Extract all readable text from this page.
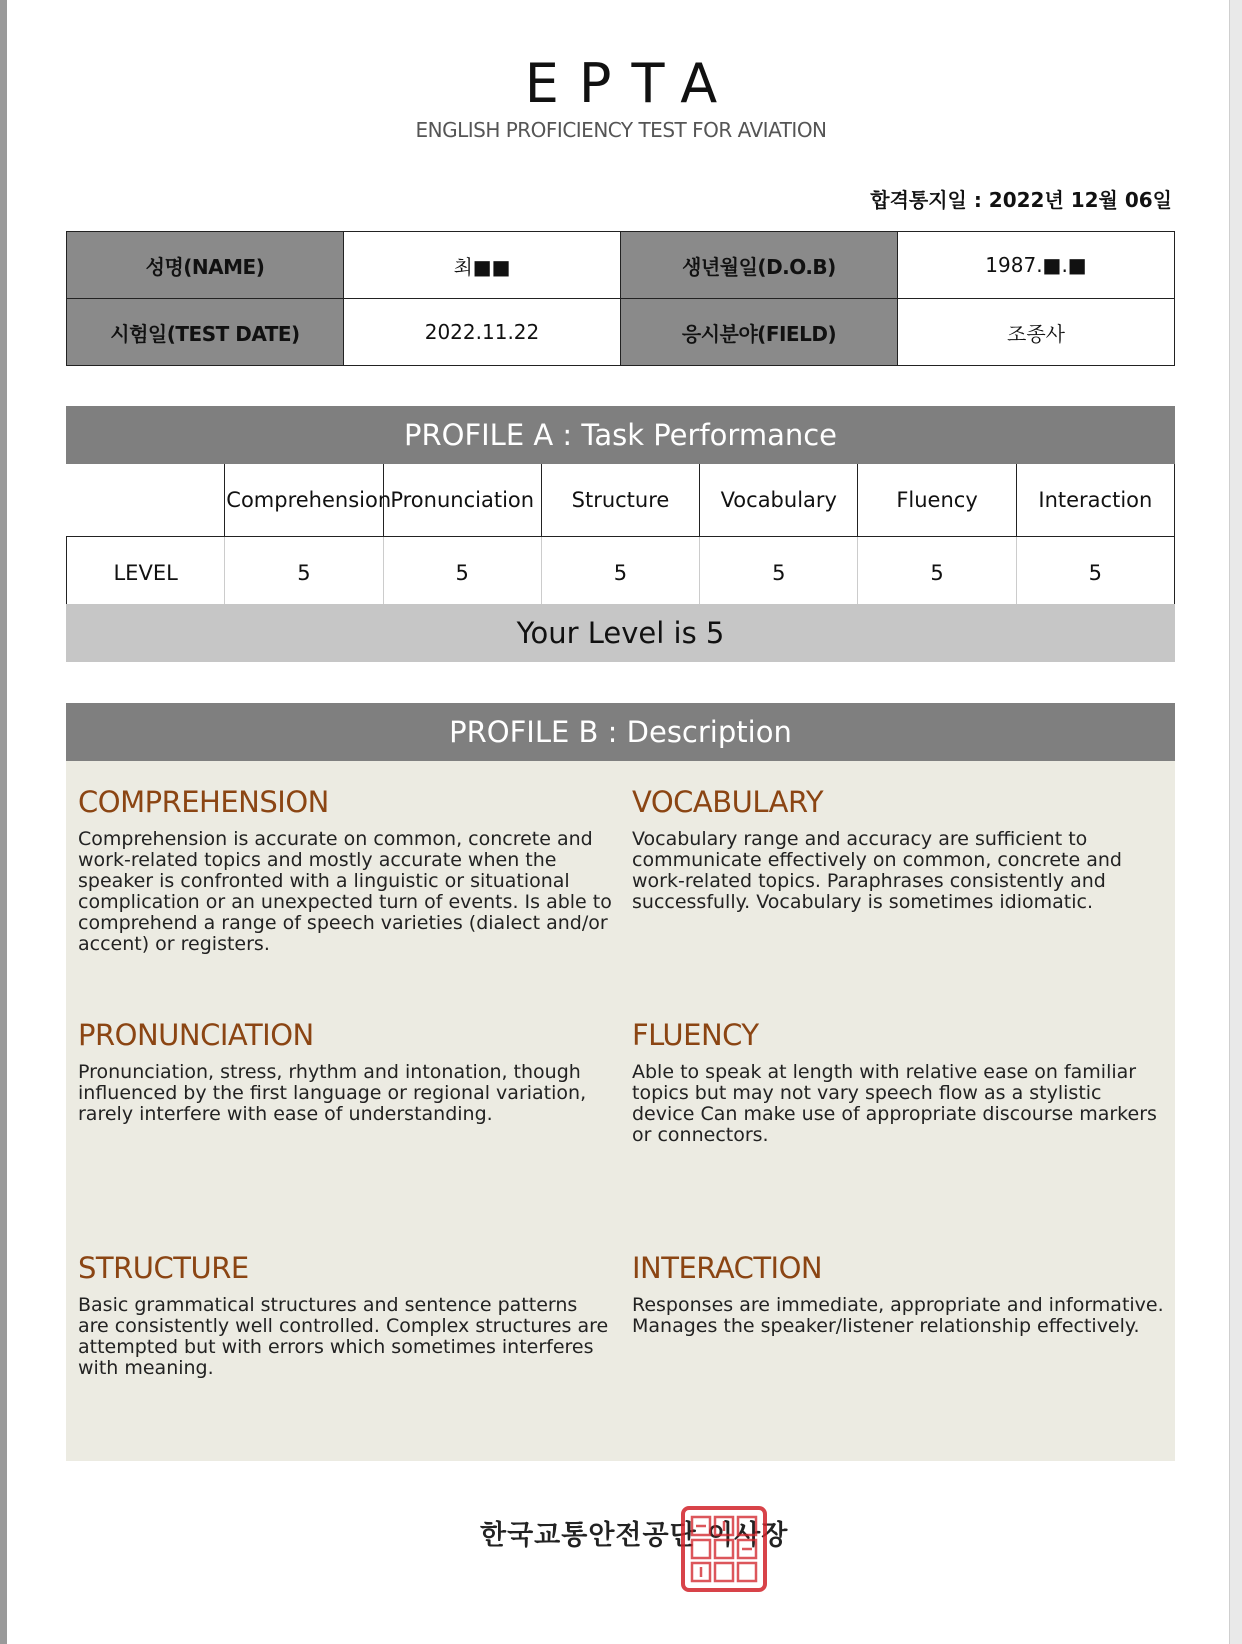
EPTA
ENGLISH PROFICIENCY TEST FOR AVIATION
합격통지일 : 2022년 12월 06일
성명(NAME)	최■■	생년월일(D.O.B)	1987.■.■
시험일(TEST DATE)	2022.11.22	응시분야(FIELD)	조종사
PROFILE A : Task Performance
	Comprehension	Pronunciation	Structure	Vocabulary	Fluency	Interaction
LEVEL	5	5	5	5	5	5
Your Level is 5
PROFILE B : Description
COMPREHENSION

Comprehension is accurate on common, concrete and work-related topics and mostly accurate when the speaker is confronted with a linguistic or situational complication or an unexpected turn of events. Is able to comprehend a range of speech varieties (dialect and/or accent) or registers.

VOCABULARY

Vocabulary range and accuracy are sufficient to communicate effectively on common, concrete and work-related topics. Paraphrases consistently and successfully. Vocabulary is sometimes idiomatic.

PRONUNCIATION

Pronunciation, stress, rhythm and intonation, though influenced by the first language or regional variation, rarely interfere with ease of understanding.

FLUENCY

Able to speak at length with relative ease on familiar topics but may not vary speech flow as a stylistic device Can make use of appropriate discourse markers or connectors.

STRUCTURE

Basic grammatical structures and sentence patterns are consistently well controlled. Complex structures are attempted but with errors which sometimes interferes with meaning.

INTERACTION

Responses are immediate, appropriate and informative. Manages the speaker/listener relationship effectively.

한국교통안전공단 이사장
